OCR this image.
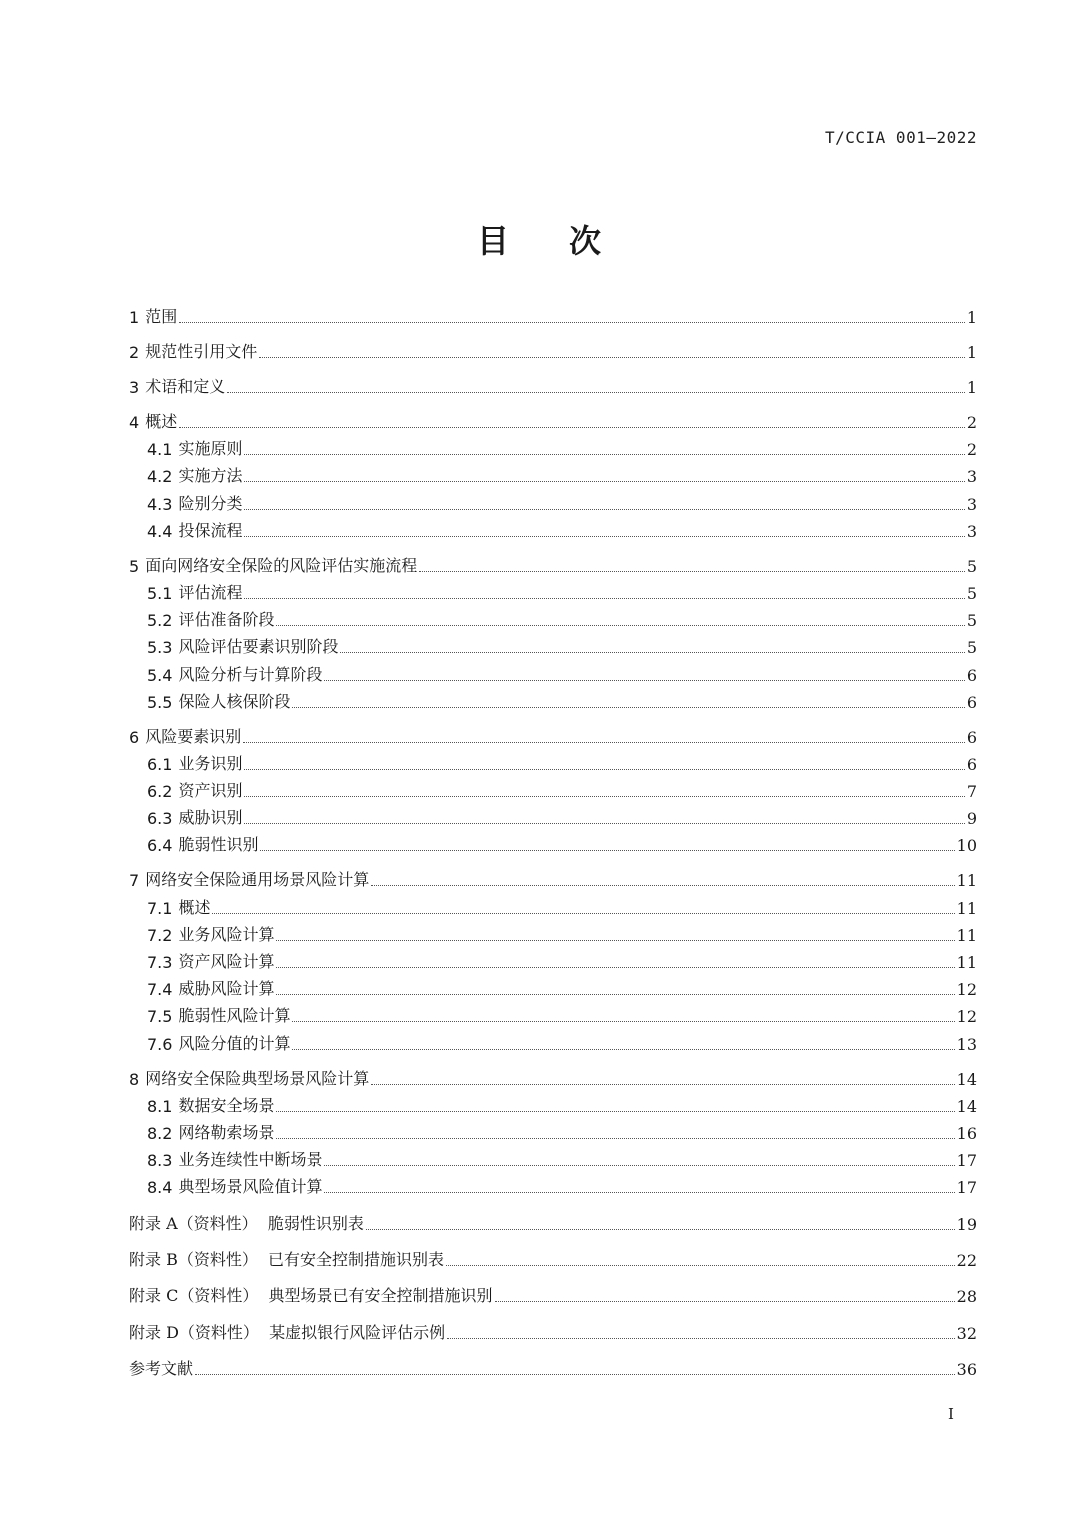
T/CCIA 001—2022
目 次
1 范围	1
2 规范性引用文件	1
3 术语和定义	1
4 概述	2
4.1 实施原则	2
4.2 实施方法	3
4.3 险别分类	3
4.4 投保流程	3
5 面向网络安全保险的风险评估实施流程	5
5.1 评估流程	5
5.2 评估准备阶段	5
5.3 风险评估要素识别阶段	5
5.4 风险分析与计算阶段	6
5.5 保险人核保阶段	6
6 风险要素识别	6
6.1 业务识别	6
6.2 资产识别	7
6.3 威胁识别	9
6.4 脆弱性识别	10
7 网络安全保险通用场景风险计算	11
7.1 概述	11
7.2 业务风险计算	11
7.3 资产风险计算	11
7.4 威胁风险计算	12
7.5 脆弱性风险计算	12
7.6 风险分值的计算	13
8 网络安全保险典型场景风险计算	14
8.1 数据安全场景	14
8.2 网络勒索场景	16
8.3 业务连续性中断场景	17
8.4 典型场景风险值计算	17
附录 A（资料性）  脆弱性识别表	19
附录 B（资料性）  已有安全控制措施识别表	22
附录 C（资料性）  典型场景已有安全控制措施识别	28
附录 D（资料性）  某虚拟银行风险评估示例	32
参考文献	36
I
